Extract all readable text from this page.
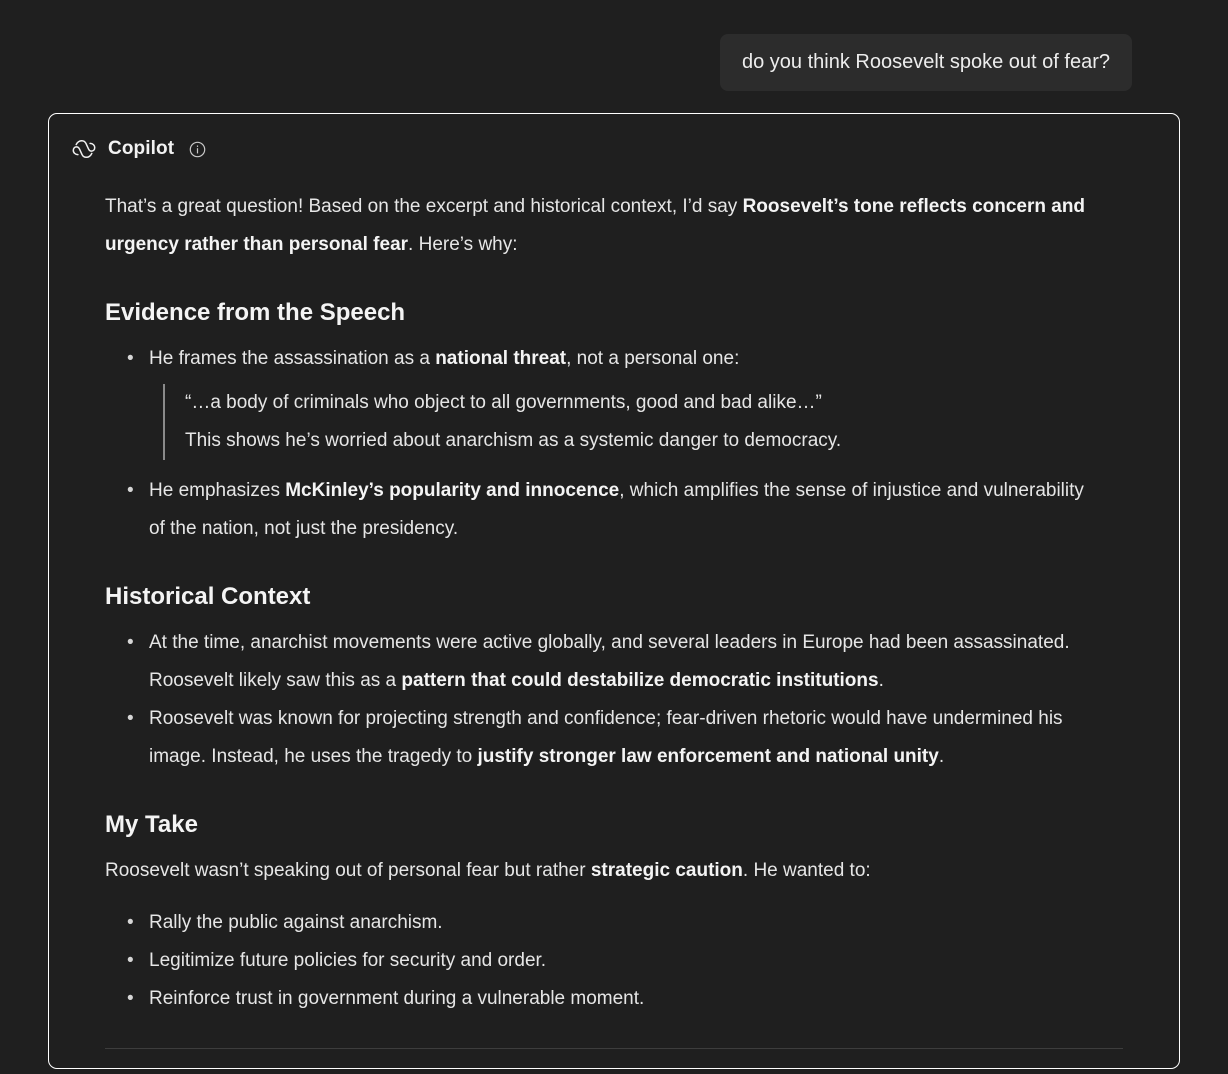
do you think Roosevelt spoke out of fear?
Copilot

That’s a great question! Based on the excerpt and historical context, I’d say Roosevelt’s tone reflects concern and urgency rather than personal fear. Here’s why:

Evidence from the Speech
• He frames the assassination as a national threat, not a personal one:
“…a body of criminals who object to all governments, good and bad alike…”
This shows he’s worried about anarchism as a systemic danger to democracy.
• He emphasizes McKinley’s popularity and innocence, which amplifies the sense of injustice and vulnerability of the nation, not just the presidency.
Historical Context
• At the time, anarchist movements were active globally, and several leaders in Europe had been assassinated. Roosevelt likely saw this as a pattern that could destabilize democratic institutions.
• Roosevelt was known for projecting strength and confidence; fear-driven rhetoric would have undermined his image. Instead, he uses the tragedy to justify stronger law enforcement and national unity.
My Take

Roosevelt wasn’t speaking out of personal fear but rather strategic caution. He wanted to:

• Rally the public against anarchism.
• Legitimize future policies for security and order.
• Reinforce trust in government during a vulnerable moment.
